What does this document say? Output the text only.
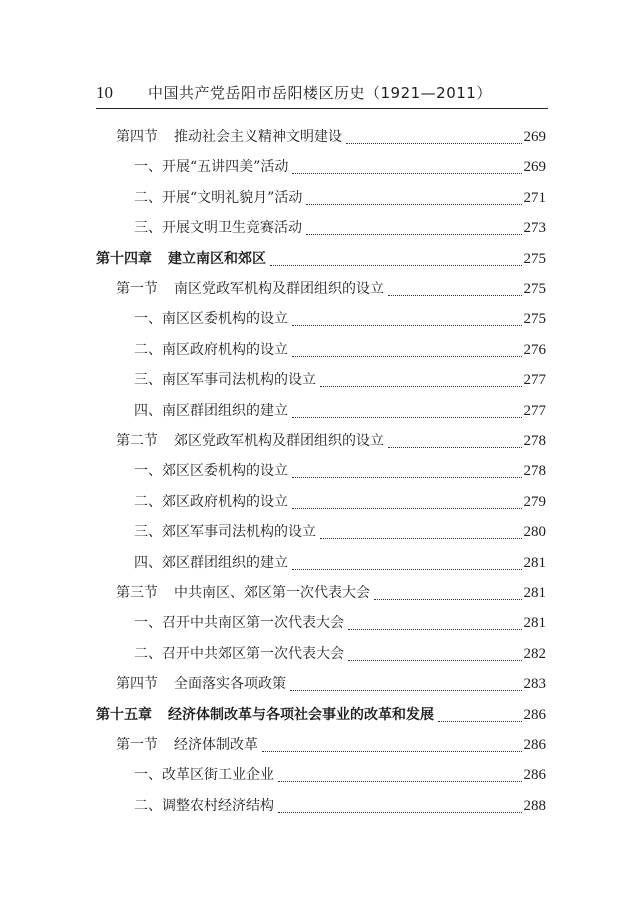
10 中国共产党岳阳市岳阳楼区历史（1921—2011）
第四节 推动社会主义精神文明建设	269
一、开展“五讲四美”活动	269
二、开展“文明礼貌月”活动	271
三、开展文明卫生竞赛活动	273
第十四章 建立南区和郊区	275
第一节 南区党政军机构及群团组织的设立	275
一、南区区委机构的设立	275
二、南区政府机构的设立	276
三、南区军事司法机构的设立	277
四、南区群团组织的建立	277
第二节 郊区党政军机构及群团组织的设立	278
一、郊区区委机构的设立	278
二、郊区政府机构的设立	279
三、郊区军事司法机构的设立	280
四、郊区群团组织的建立	281
第三节 中共南区、郊区第一次代表大会	281
一、召开中共南区第一次代表大会	281
二、召开中共郊区第一次代表大会	282
第四节 全面落实各项政策	283
第十五章 经济体制改革与各项社会事业的改革和发展	286
第一节 经济体制改革	286
一、改革区街工业企业	286
二、调整农村经济结构	288
